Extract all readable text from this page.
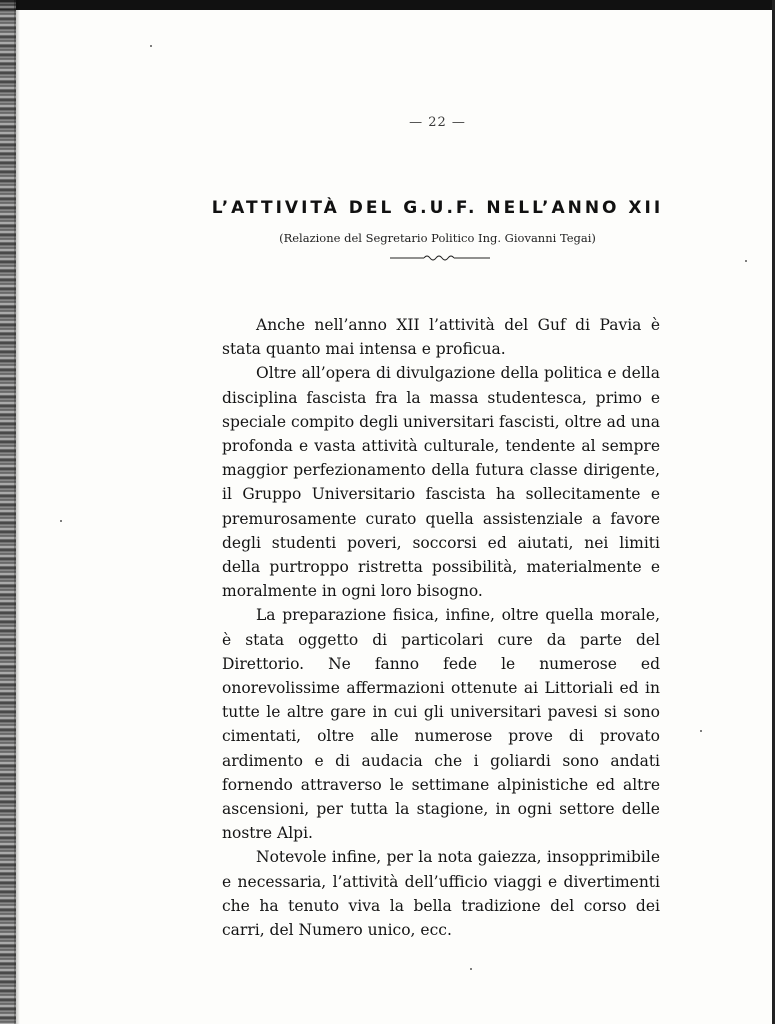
— 22 —
L’ATTIVITÀ DEL G.U.F. NELL’ANNO XII
(Relazione del Segretario Politico Ing. Giovanni Tegai)

Anche nell’anno XII l’attività del Guf di Pavia è stata quanto mai intensa e proficua.

Oltre all’opera di divulgazione della politica e della disciplina fascista fra la massa studentesca, primo e speciale compito degli universitari fascisti, oltre ad una profonda e vasta attività culturale, tendente al sempre maggior perfezionamento della futura classe dirigente, il Gruppo Universitario fascista ha sollecitamente e premurosamente curato quella assistenziale a favore degli studenti poveri, soccorsi ed aiutati, nei limiti della purtroppo ristretta possibilità, materialmente e moralmente in ogni loro bisogno.

La preparazione fisica, infine, oltre quella morale, è stata oggetto di particolari cure da parte del Direttorio. Ne fanno fede le numerose ed onorevolissime affermazioni ottenute ai Littoriali ed in tutte le altre gare in cui gli universitari pavesi si sono cimentati, oltre alle numerose prove di provato ardimento e di audacia che i goliardi sono andati fornendo attraverso le settimane alpinistiche ed altre ascensioni, per tutta la stagione, in ogni settore delle nostre Alpi.

Notevole infine, per la nota gaiezza, insopprimibile e necessaria, l’attività dell’ufficio viaggi e divertimenti che ha tenuto viva la bella tradizione del corso dei carri, del Numero unico, ecc.
